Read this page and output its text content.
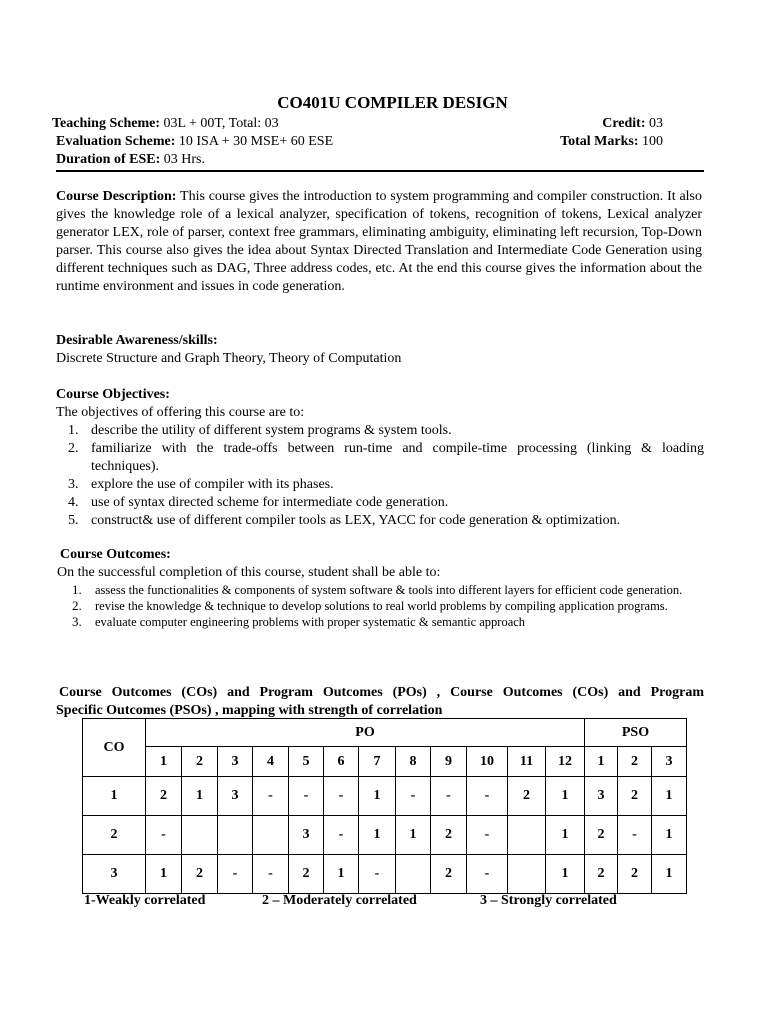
CO401U COMPILER DESIGN
Teaching Scheme: 03L + 00T, Total: 03
Evaluation Scheme: 10 ISA + 30 MSE+ 60 ESE
Duration of ESE: 03 Hrs.
Credit: 03
Total Marks: 100
Course Description: This course gives the introduction to system programming and compiler construction. It also gives the knowledge role of a lexical analyzer, specification of tokens, recognition of tokens, Lexical analyzer generator LEX, role of parser, context free grammars, eliminating ambiguity, eliminating left recursion, Top-Down parser. This course also gives the idea about Syntax Directed Translation and Intermediate Code Generation using different techniques such as DAG, Three address codes, etc. At the end this course gives the information about the runtime environment and issues in code generation.
Desirable Awareness/skills:
Discrete Structure and Graph Theory, Theory of Computation
Course Objectives:
The objectives of offering this course are to:
1. describe the utility of different system programs & system tools.
2. familiarize with the trade-offs between run-time and compile-time processing (linking & loading techniques).
3. explore the use of compiler with its phases.
4. use of syntax directed scheme for intermediate code generation.
5. construct& use of different compiler tools as LEX, YACC for code generation & optimization.
Course Outcomes:
On the successful completion of this course, student shall be able to:
1. assess the functionalities & components of system software & tools into different layers for efficient code generation.
2. revise the knowledge & technique to develop solutions to real world problems by compiling application programs.
3. evaluate computer engineering problems with proper systematic & semantic approach
Course Outcomes (COs) and Program Outcomes (POs) , Course Outcomes (COs) and Program
Specific Outcomes (PSOs) , mapping with strength of correlation
CO	PO												PSO		
	1	2	3	4	5	6	7	8	9	10	11	12	1	2	3
1	2	1	3	-	-	-	1	-	-	-	2	1	3	2	1
2	-				3	-	1	1	2	-		1	2	-	1
3	1	2	-	-	2	1	-		2	-		1	2	2	1
1-Weakly correlated	2 – Moderately correlated	3 – Strongly correlated
